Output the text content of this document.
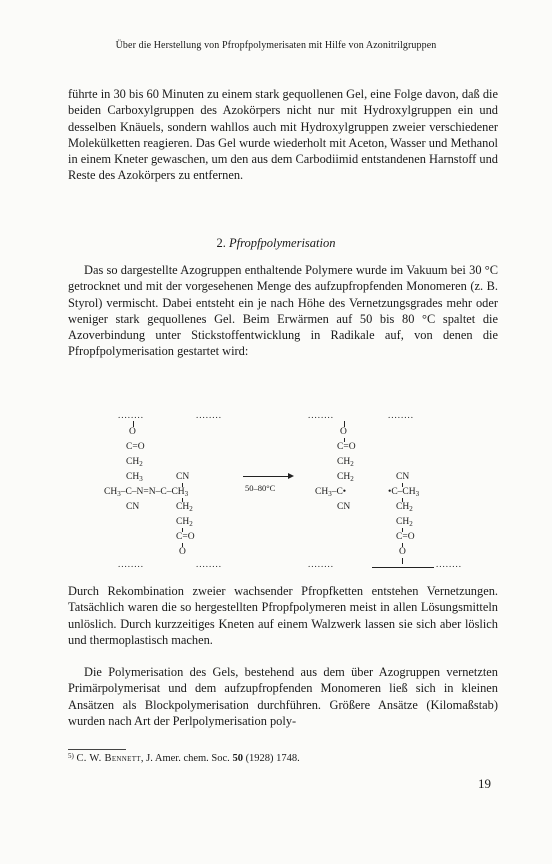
Über die Herstellung von Pfropfpolymerisaten mit Hilfe von Azonitrilgruppen

führte in 30 bis 60 Minuten zu einem stark gequollenen Gel, eine Folge davon, daß die beiden Carboxylgruppen des Azokörpers nicht nur mit Hydroxylgruppen ein und desselben Knäuels, sondern wahllos auch mit Hydroxylgruppen zweier verschiedener Molekülketten reagieren. Das Gel wurde wiederholt mit Aceton, Wasser und Methanol in einem Kneter gewaschen, um den aus dem Carbodiimid entstandenen Harnstoff und Reste des Azokörpers zu entfernen.

2. Pfropfpolymerisation

Das so dargestellte Azogruppen enthaltende Polymere wurde im Vakuum bei 30 °C getrocknet und mit der vorgesehenen Menge des aufzupfropfenden Monomeren (z. B. Styrol) vermischt. Dabei entsteht ein je nach Höhe des Vernetzungsgrades mehr oder weniger stark gequollenes Gel. Beim Erwärmen auf 50 bis 80 °C spaltet die Azoverbindung unter Stickstoffentwicklung in Radikale auf, von denen die Pfropfpolymerisation gestartet wird:

........	........	........	........
O
C=O
$CH_2$
$CH_3$	CN
$CH_3-C-N=N-C-CH_3$
CN	$CH_2$
$CH_2$
C=O
O
50–80°C
O
C=O
$CH_2$
$CH_2$	CN
$CH_3-C•$	$•C-CH_3$
CN	$CH_2$
$CH_2$
C=O
O
........	........	........	........

Durch Rekombination zweier wachsender Pfropfketten entstehen Vernetzungen. Tatsächlich waren die so hergestellten Pfropfpolymeren meist in allen Lösungsmitteln unlöslich. Durch kurzzeitiges Kneten auf einem Walzwerk lassen sie sich aber löslich und thermoplastisch machen.

Die Polymerisation des Gels, bestehend aus dem über Azogruppen vernetzten Primärpolymerisat und dem aufzupfropfenden Monomeren ließ sich in kleinen Ansätzen als Blockpolymerisation durchführen. Größere Ansätze (Kilomaßstab) wurden nach Art der Perlpolymerisation poly-

$^{5)}$ C. W. Bennett, J. Amer. chem. Soc. 50 (1928) 1748.
19
